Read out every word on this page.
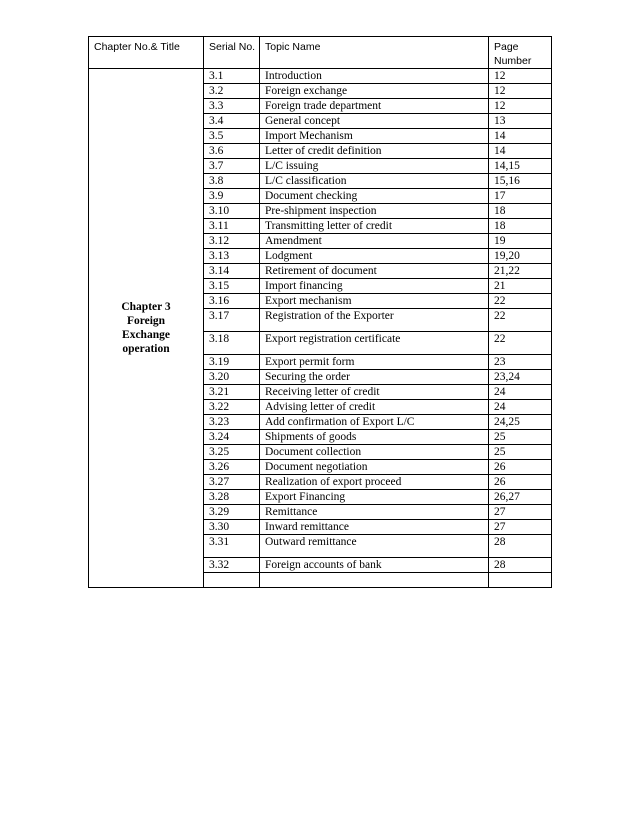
Chapter No.& Title	Serial No.	Topic Name	Page Number

Chapter 3
Foreign
Exchange
operation	3.1	Introduction	12
	3.2	Foreign exchange	12
	3.3	Foreign trade department	12
	3.4	General concept	13
	3.5	Import Mechanism	14
	3.6	Letter of credit definition	14
	3.7	L/C issuing	14,15
	3.8	L/C classification	15,16
	3.9	Document checking	17
	3.10	Pre-shipment inspection	18
	3.11	Transmitting letter of credit	18
	3.12	Amendment	19
	3.13	Lodgment	19,20
	3.14	Retirement of document	21,22
	3.15	Import financing	21
	3.16	Export mechanism	22
	3.17	Registration of the Exporter	22
	3.18	Export registration certificate	22
	3.19	Export permit form	23
	3.20	Securing the order	23,24
	3.21	Receiving letter of credit	24
	3.22	Advising letter of credit	24
	3.23	Add confirmation of Export L/C	24,25
	3.24	Shipments of goods	25
	3.25	Document collection	25
	3.26	Document negotiation	26
	3.27	Realization of export proceed	26
	3.28	Export Financing	26,27
	3.29	Remittance	27
	3.30	Inward remittance	27
	3.31	Outward remittance	28
	3.32	Foreign accounts of bank	28
